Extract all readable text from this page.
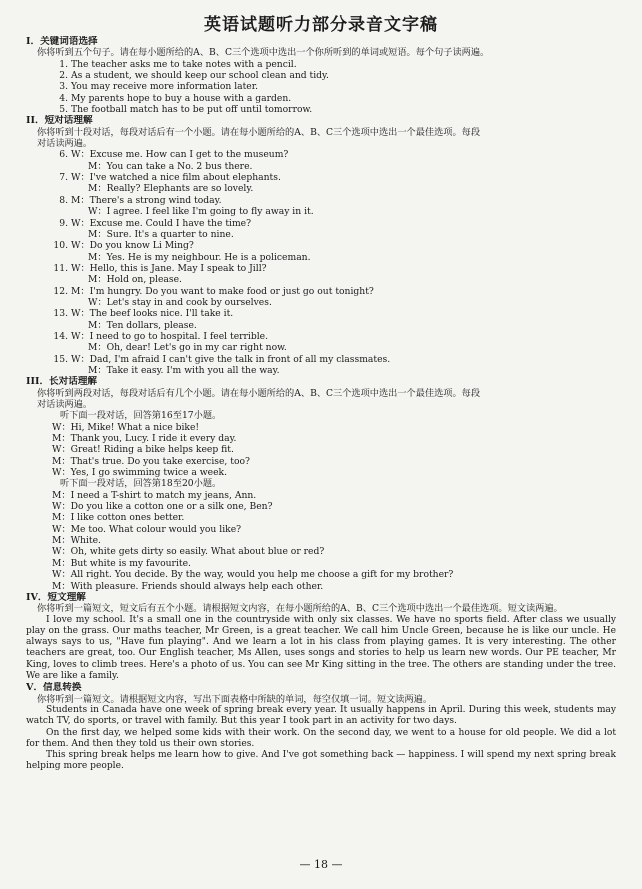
英语试题听力部分录音文字稿
I．关键词语选择
你将听到五个句子。请在每小题所给的A、B、C三个选项中选出一个你所听到的单词或短语。每个句子读两遍。
1. The teacher asks me to take notes with a pencil.
2. As a student, we should keep our school clean and tidy.
3. You may receive more information later.
4. My parents hope to buy a house with a garden.
5. The football match has to be put off until tomorrow.
II．短对话理解
你将听到十段对话，每段对话后有一个小题。请在每小题所给的A、B、C三个选项中选出一个最佳选项。每段
对话读两遍。
6. W：Excuse me. How can I get to the museum?
M：You can take a No. 2 bus there.
7. W：I've watched a nice film about elephants.
M：Really? Elephants are so lovely.
8. M：There's a strong wind today.
W：I agree. I feel like I'm going to fly away in it.
9. W：Excuse me. Could I have the time?
M：Sure. It's a quarter to nine.
10. W：Do you know Li Ming?
M：Yes. He is my neighbour. He is a policeman.
11. W：Hello, this is Jane. May I speak to Jill?
M：Hold on, please.
12. M：I'm hungry. Do you want to make food or just go out tonight?
W：Let's stay in and cook by ourselves.
13. W：The beef looks nice. I'll take it.
M：Ten dollars, please.
14. W：I need to go to hospital. I feel terrible.
M：Oh, dear! Let's go in my car right now.
15. W：Dad, I'm afraid I can't give the talk in front of all my classmates.
M：Take it easy. I'm with you all the way.
III．长对话理解
你将听到两段对话，每段对话后有几个小题。请在每小题所给的A、B、C三个选项中选出一个最佳选项。每段
对话读两遍。
听下面一段对话，回答第16至17小题。
W：Hi, Mike! What a nice bike!
M：Thank you, Lucy. I ride it every day.
W：Great! Riding a bike helps keep fit.
M：That's true. Do you take exercise, too?
W：Yes, I go swimming twice a week.
听下面一段对话，回答第18至20小题。
M：I need a T-shirt to match my jeans, Ann.
W：Do you like a cotton one or a silk one, Ben?
M：I like cotton ones better.
W：Me too. What colour would you like?
M：White.
W：Oh, white gets dirty so easily. What about blue or red?
M：But white is my favourite.
W：All right. You decide. By the way, would you help me choose a gift for my brother?
M：With pleasure. Friends should always help each other.
IV．短文理解
你将听到一篇短文，短文后有五个小题。请根据短文内容，在每小题所给的A、B、C三个选项中选出一个最佳选项。短文读两遍。
I love my school. It's a small one in the countryside with only six classes. We have no sports field. After class we usually play on the grass. Our maths teacher, Mr Green, is a great teacher. We call him Uncle Green, because he is like our uncle. He always says to us, "Have fun playing". And we learn a lot in his class from playing games. It is very interesting. The other teachers are great, too. Our English teacher, Ms Allen, uses songs and stories to help us learn new words. Our PE teacher, Mr King, loves to climb trees. Here's a photo of us. You can see Mr King sitting in the tree. The others are standing under the tree. We are like a family.
V．信息转换
你将听到一篇短文。请根据短文内容，写出下面表格中所缺的单词，每空仅填一词。短文读两遍。
Students in Canada have one week of spring break every year. It usually happens in April. During this week, students may watch TV, do sports, or travel with family. But this year I took part in an activity for two days.
On the first day, we helped some kids with their work. On the second day, we went to a house for old people. We did a lot for them. And then they told us their own stories.
This spring break helps me learn how to give. And I've got something back — happiness. I will spend my next spring break helping more people.
— 18 —
